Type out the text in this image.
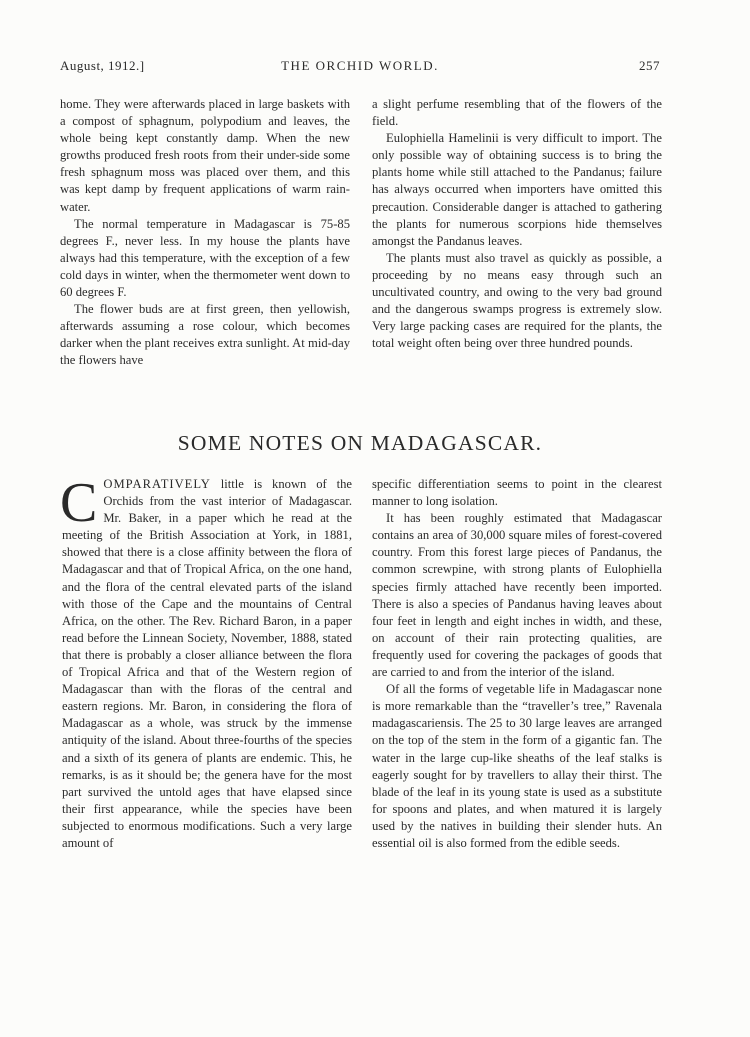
August, 1912.]	THE ORCHID WORLD.	257

home. They were afterwards placed in large baskets with a compost of sphagnum, polypodium and leaves, the whole being kept constantly damp. When the new growths produced fresh roots from their under-side some fresh sphagnum moss was placed over them, and this was kept damp by frequent applications of warm rain-water.

The normal temperature in Madagascar is 75-85 degrees F., never less. In my house the plants have always had this temperature, with the exception of a few cold days in winter, when the thermometer went down to 60 degrees F.

The flower buds are at first green, then yellowish, afterwards assuming a rose colour, which becomes darker when the plant receives extra sunlight. At mid-day the flowers have

a slight perfume resembling that of the flowers of the field.

Eulophiella Hamelinii is very difficult to import. The only possible way of obtaining success is to bring the plants home while still attached to the Pandanus; failure has always occurred when importers have omitted this precaution. Considerable danger is attached to gathering the plants for numerous scorpions hide themselves amongst the Pandanus leaves.

The plants must also travel as quickly as possible, a proceeding by no means easy through such an uncultivated country, and owing to the very bad ground and the dangerous swamps progress is extremely slow. Very large packing cases are required for the plants, the total weight often being over three hundred pounds.

SOME NOTES ON MADAGASCAR.

COMPARATIVELY little is known of the Orchids from the vast interior of Madagascar. Mr. Baker, in a paper which he read at the meeting of the British Association at York, in 1881, showed that there is a close affinity between the flora of Madagascar and that of Tropical Africa, on the one hand, and the flora of the central elevated parts of the island with those of the Cape and the mountains of Central Africa, on the other. The Rev. Richard Baron, in a paper read before the Linnean Society, November, 1888, stated that there is probably a closer alliance between the flora of Tropical Africa and that of the Western region of Madagascar than with the floras of the central and eastern regions. Mr. Baron, in considering the flora of Madagascar as a whole, was struck by the immense antiquity of the island. About three-fourths of the species and a sixth of its genera of plants are endemic. This, he remarks, is as it should be; the genera have for the most part survived the untold ages that have elapsed since their first appearance, while the species have been subjected to enormous modifications. Such a very large amount of

specific differentiation seems to point in the clearest manner to long isolation.

It has been roughly estimated that Madagascar contains an area of 30,000 square miles of forest-covered country. From this forest large pieces of Pandanus, the common screwpine, with strong plants of Eulophiella species firmly attached have recently been imported. There is also a species of Pandanus having leaves about four feet in length and eight inches in width, and these, on account of their rain protecting qualities, are frequently used for covering the packages of goods that are carried to and from the interior of the island.

Of all the forms of vegetable life in Madagascar none is more remarkable than the “traveller’s tree,” Ravenala madagascariensis. The 25 to 30 large leaves are arranged on the top of the stem in the form of a gigantic fan. The water in the large cup-like sheaths of the leaf stalks is eagerly sought for by travellers to allay their thirst. The blade of the leaf in its young state is used as a substitute for spoons and plates, and when matured it is largely used by the natives in building their slender huts. An essential oil is also formed from the edible seeds.
